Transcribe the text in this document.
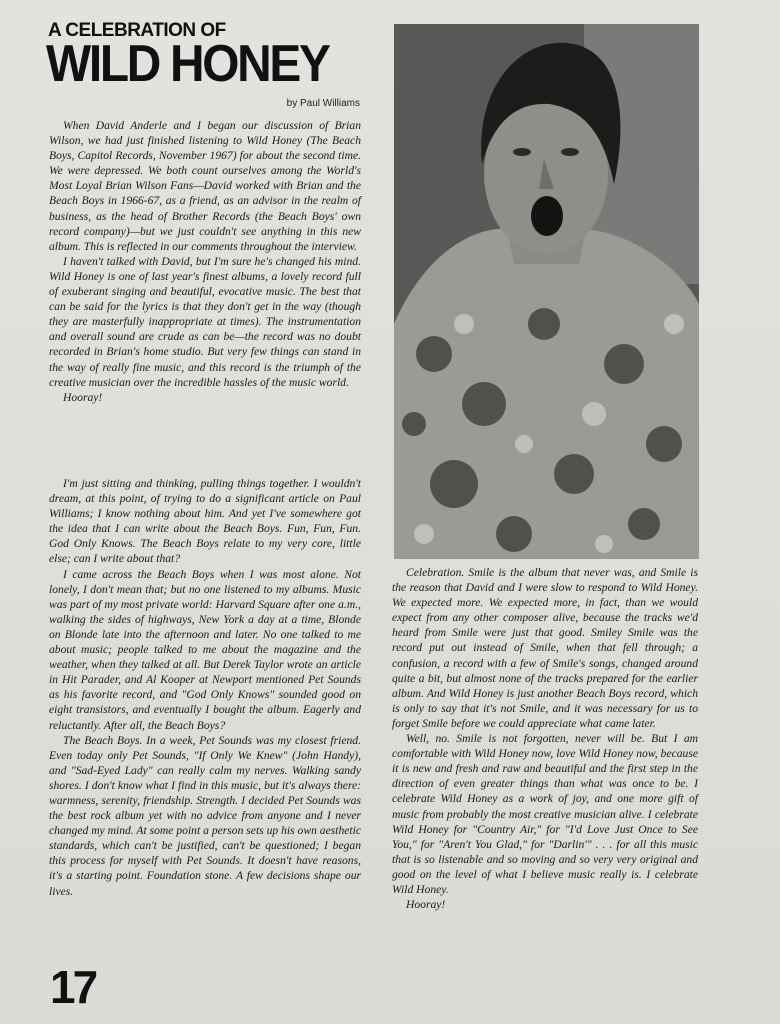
A CELEBRATION OF
WILD HONEY
by Paul Williams

When David Anderle and I began our discussion of Brian Wilson, we had just finished listening to Wild Honey (The Beach Boys, Capitol Records, November 1967) for about the second time. We were depressed. We both count ourselves among the World's Most Loyal Brian Wilson Fans—David worked with Brian and the Beach Boys in 1966-67, as a friend, as an advisor in the realm of business, as the head of Brother Records (the Beach Boys' own record company)—but we just couldn't see anything in this new album. This is reflected in our comments throughout the interview.

I haven't talked with David, but I'm sure he's changed his mind. Wild Honey is one of last year's finest albums, a lovely record full of exuberant singing and beautiful, evocative music. The best that can be said for the lyrics is that they don't get in the way (though they are masterfully inappropriate at times). The instrumentation and overall sound are crude as can be—the record was no doubt recorded in Brian's home studio. But very few things can stand in the way of really fine music, and this record is the triumph of the creative musician over the incredible hassles of the music world.

Hooray!

I'm just sitting and thinking, pulling things together. I wouldn't dream, at this point, of trying to do a significant article on Paul Williams; I know nothing about him. And yet I've somewhere got the idea that I can write about the Beach Boys. Fun, Fun, Fun. God Only Knows. The Beach Boys relate to my very core, little else; can I write about that?

I came across the Beach Boys when I was most alone. Not lonely, I don't mean that; but no one listened to my albums. Music was part of my most private world: Harvard Square after one a.m., walking the sides of highways, New York a day at a time, Blonde on Blonde late into the afternoon and later. No one talked to me about music; people talked to me about the magazine and the weather, when they talked at all. But Derek Taylor wrote an article in Hit Parader, and Al Kooper at Newport mentioned Pet Sounds as his favorite record, and "God Only Knows" sounded good on eight transistors, and eventually I bought the album. Eagerly and reluctantly. After all, the Beach Boys?

The Beach Boys. In a week, Pet Sounds was my closest friend. Even today only Pet Sounds, "If Only We Knew" (John Handy), and "Sad-Eyed Lady" can really calm my nerves. Walking sandy shores. I don't know what I find in this music, but it's always there: warmness, serenity, friendship. Strength. I decided Pet Sounds was the best rock album yet with no advice from anyone and I never changed my mind. At some point a person sets up his own aesthetic standards, which can't be justified, can't be questioned; I began this process for myself with Pet Sounds. It doesn't have reasons, it's a starting point. Foundation stone. A few decisions shape our lives.

Celebration. Smile is the album that never was, and Smile is the reason that David and I were slow to respond to Wild Honey. We expected more. We expected more, in fact, than we would expect from any other composer alive, because the tracks we'd heard from Smile were just that good. Smiley Smile was the record put out instead of Smile, when that fell through; a confusion, a record with a few of Smile's songs, changed around quite a bit, but almost none of the tracks prepared for the earlier album. And Wild Honey is just another Beach Boys record, which is only to say that it's not Smile, and it was necessary for us to forget Smile before we could appreciate what came later.

Well, no. Smile is not forgotten, never will be. But I am comfortable with Wild Honey now, love Wild Honey now, because it is new and fresh and raw and beautiful and the first step in the direction of even greater things than what was once to be. I celebrate Wild Honey as a work of joy, and one more gift of music from probably the most creative musician alive. I celebrate Wild Honey for "Country Air," for "I'd Love Just Once to See You," for "Aren't You Glad," for "Darlin'" . . . for all this music that is so listenable and so moving and so very very original and good on the level of what I believe music really is. I celebrate Wild Honey.

Hooray!

17
